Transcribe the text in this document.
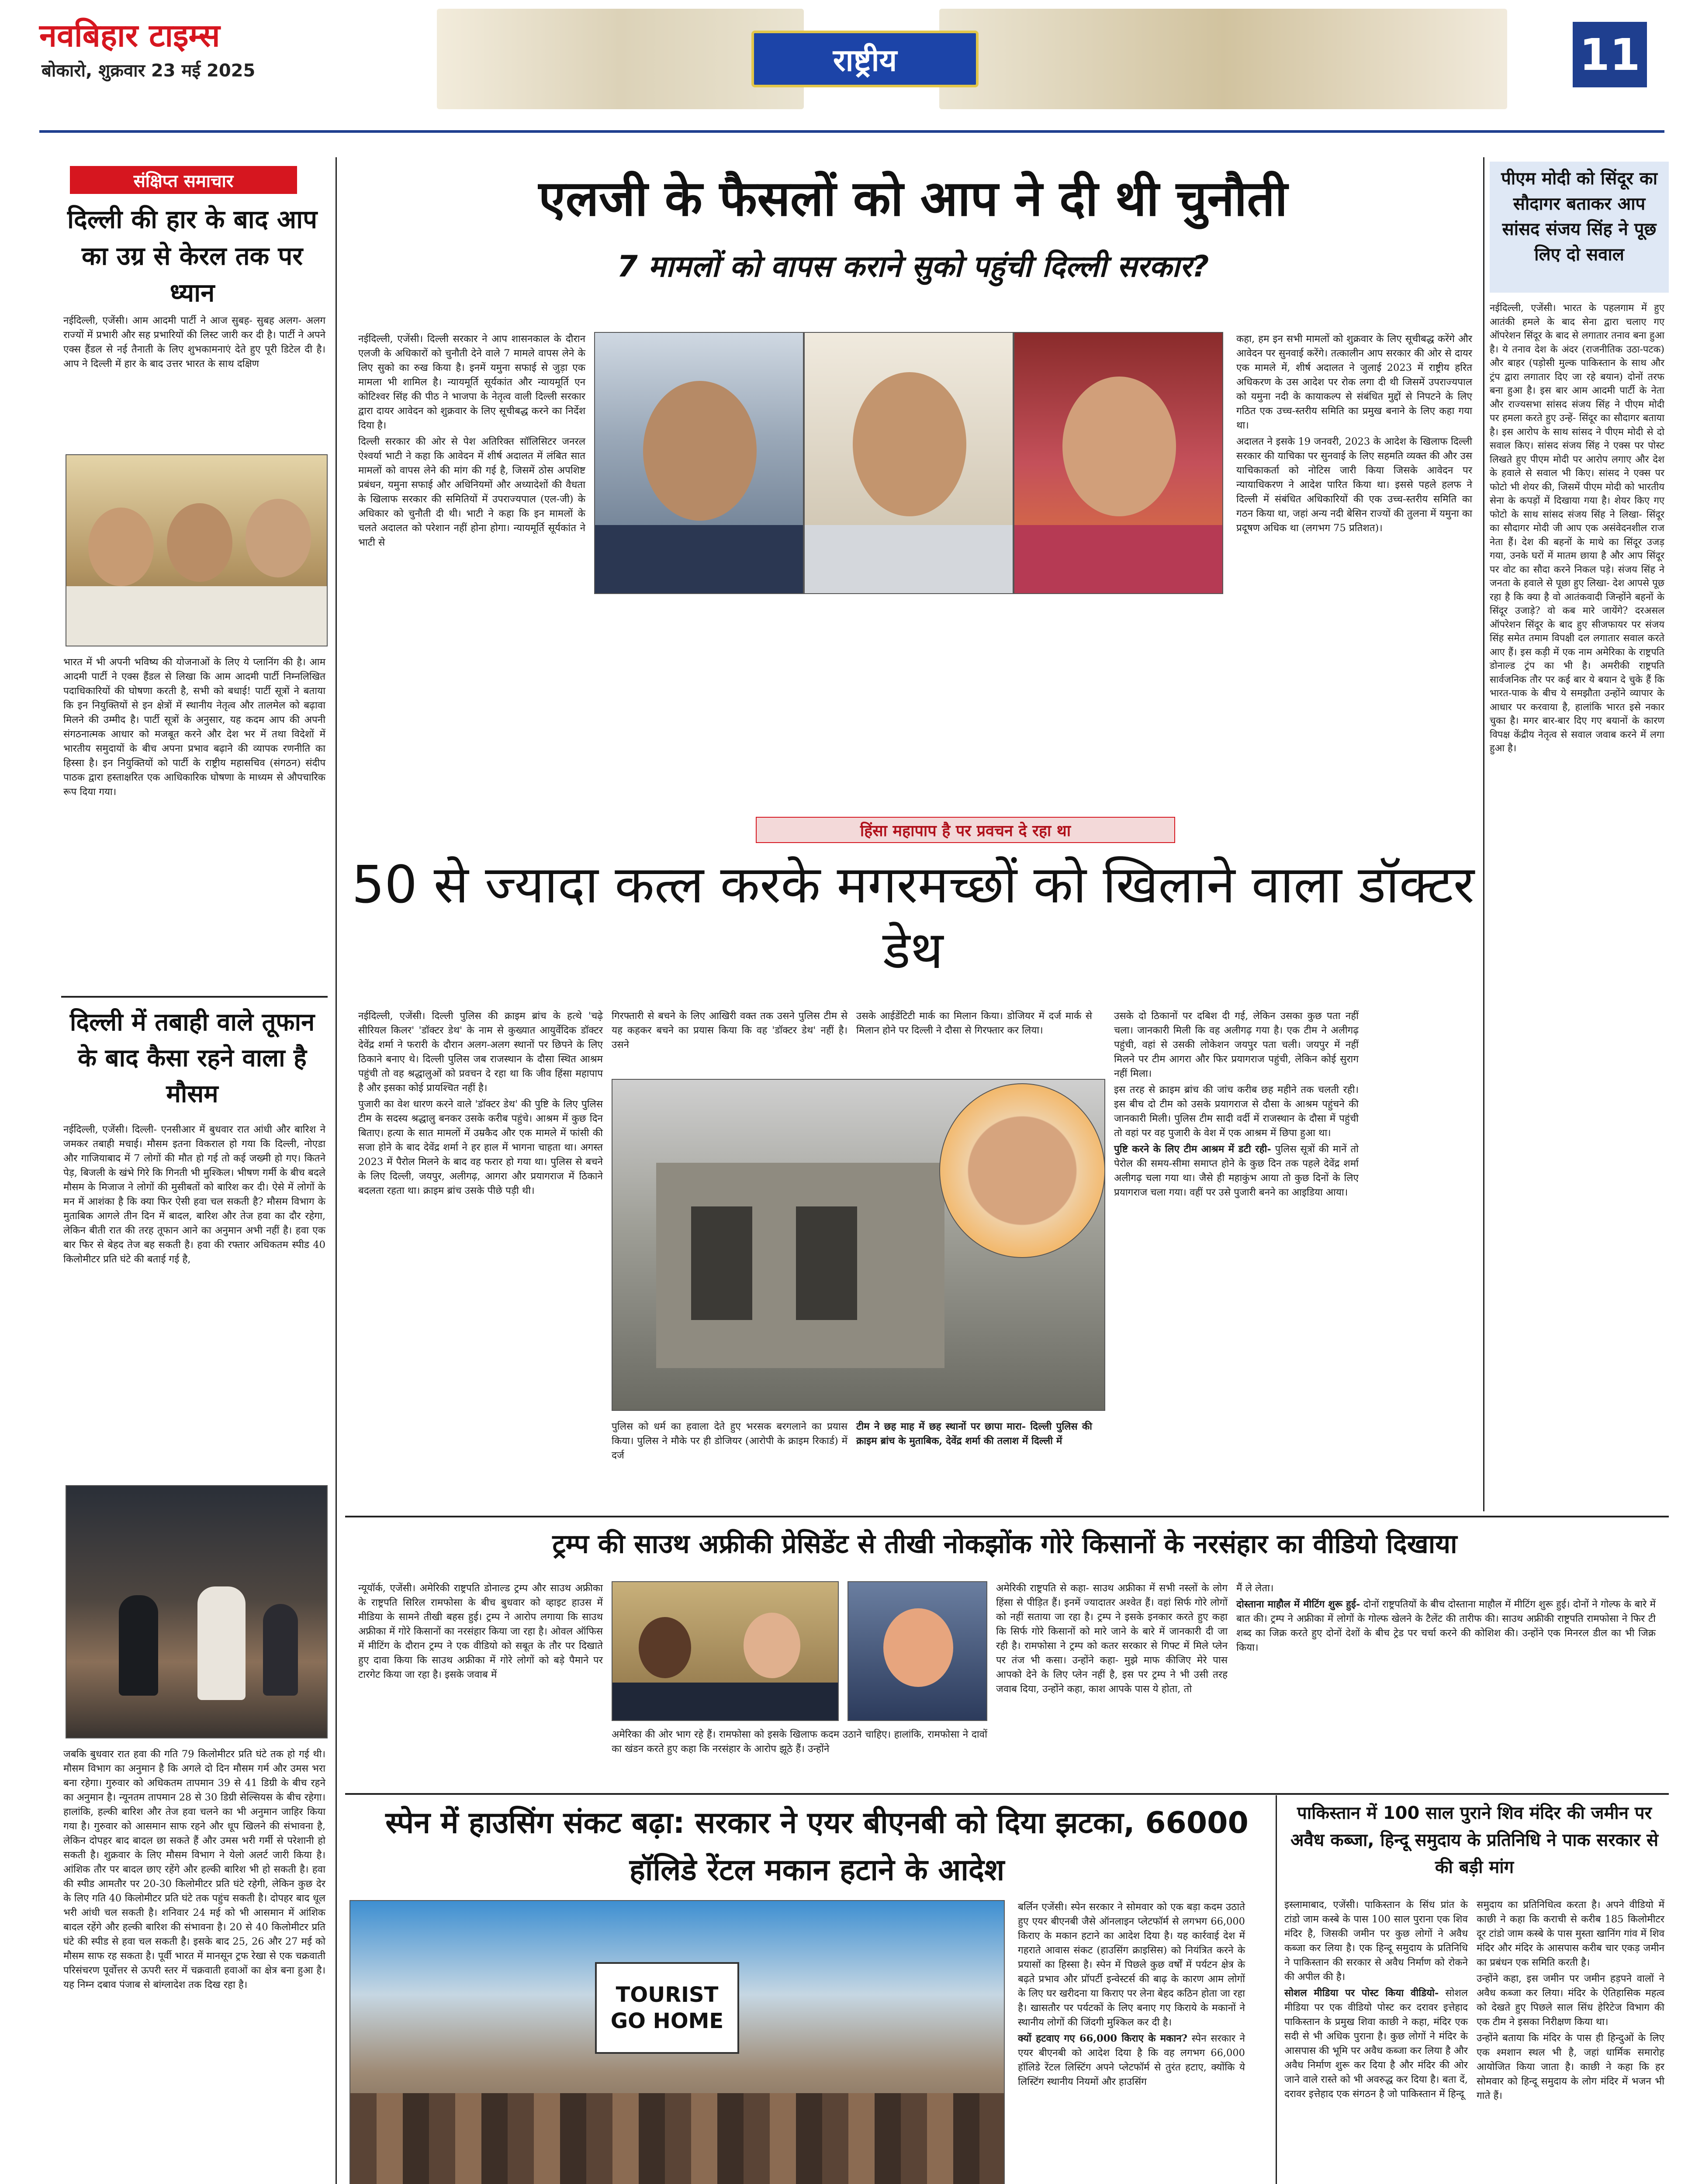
नवबिहार टाइम्स
बोकारो, शुक्रवार 23 मई 2025	राष्ट्रीय	11
संक्षिप्त समाचार
दिल्ली की हार के बाद आप का उग्र से केरल तक पर ध्यान
नईदिल्ली, एजेंसी। आम आदमी पार्टी ने आज सुबह- सुबह अलग- अलग राज्यों में प्रभारी और सह प्रभारियों की लिस्ट जारी कर दी है। पार्टी ने अपने एक्स हैंडल से नई तैनाती के लिए शुभकामनाएं देते हुए पूरी डिटेल दी है। आप ने दिल्ली में हार के बाद उत्तर भारत के साथ दक्षिण
भारत में भी अपनी भविष्य की योजनाओं के लिए ये प्लानिंग की है। आम आदमी पार्टी ने एक्स हैंडल से लिखा कि आम आदमी पार्टी निम्नलिखित पदाधिकारियों की घोषणा करती है, सभी को बधाई! पार्टी सूत्रों ने बताया कि इन नियुक्तियों से इन क्षेत्रों में स्थानीय नेतृत्व और तालमेल को बढ़ावा मिलने की उम्मीद है। पार्टी सूत्रों के अनुसार, यह कदम आप की अपनी संगठनात्मक आधार को मजबूत करने और देश भर में तथा विदेशों में भारतीय समुदायों के बीच अपना प्रभाव बढ़ाने की व्यापक रणनीति का हिस्सा है। इन नियुक्तियों को पार्टी के राष्ट्रीय महासचिव (संगठन) संदीप पाठक द्वारा हस्ताक्षरित एक आधिकारिक घोषणा के माध्यम से औपचारिक रूप दिया गया।
दिल्ली में तबाही वाले तूफान के बाद कैसा रहने वाला है मौसम
नईदिल्ली, एजेंसी। दिल्ली- एनसीआर में बुधवार रात आंधी और बारिश ने जमकर तबाही मचाई। मौसम इतना विकराल हो गया कि दिल्ली, नोएडा और गाजियाबाद में 7 लोगों की मौत हो गई तो कई जख्मी हो गए। कितने पेड़, बिजली के खंभे गिरे कि गिनती भी मुश्किल। भीषण गर्मी के बीच बदले मौसम के मिजाज ने लोगों की मुसीबतों को बारिश कर दी। ऐसे में लोगों के मन में आशंका है कि क्या फिर ऐसी हवा चल सकती है? मौसम विभाग के मुताबिक आगले तीन दिन में बादल, बारिश और तेज हवा का दौर रहेगा, लेकिन बीती रात की तरह तूफान आने का अनुमान अभी नहीं है। हवा एक बार फिर से बेहद तेज बह सकती है। हवा की रफ्तार अधिकतम स्पीड 40 किलोमीटर प्रति घंटे की बताई गई है,
जबकि बुधवार रात हवा की गति 79 किलोमीटर प्रति घंटे तक हो गई थी। मौसम विभाग का अनुमान है कि अगले दो दिन मौसम गर्म और उमस भरा बना रहेगा। गुरुवार को अधिकतम तापमान 39 से 41 डिग्री के बीच रहने का अनुमान है। न्यूनतम तापमान 28 से 30 डिग्री सेल्सियस के बीच रहेगा। हालांकि, हल्की बारिश और तेज हवा चलने का भी अनुमान जाहिर किया गया है। गुरुवार को आसमान साफ रहने और धूप खिलने की संभावना है, लेकिन दोपहर बाद बादल छा सकते हैं और उमस भरी गर्मी से परेशानी हो सकती है। शुक्रवार के लिए मौसम विभाग ने येलो अलर्ट जारी किया है। आंशिक तौर पर बादल छाए रहेंगे और हल्की बारिश भी हो सकती है। हवा की स्पीड आमतौर पर 20-30 किलोमीटर प्रति घंटे रहेगी, लेकिन कुछ देर के लिए गति 40 किलोमीटर प्रति घंटे तक पहुंच सकती है। दोपहर बाद धूल भरी आंधी चल सकती है। शनिवार 24 मई को भी आसमान में आंशिक बादल रहेंगे और हल्की बारिश की संभावना है। 20 से 40 किलोमीटर प्रति घंटे की स्पीड से हवा चल सकती है। इसके बाद 25, 26 और 27 मई को मौसम साफ रह सकता है। पूर्वी भारत में मानसून ट्रफ रेखा से एक चक्रवाती परिसंचरण पूर्वोत्तर से ऊपरी स्तर में चक्रवाती हवाओं का क्षेत्र बना हुआ है। यह निम्न दबाव पंजाब से बांग्लादेश तक दिख रहा है।
एलजी के फैसलों को आप ने दी थी चुनौती
7 मामलों को वापस कराने सुको पहुंची दिल्ली सरकार?

नईदिल्ली, एजेंसी। दिल्ली सरकार ने आप शासनकाल के दौरान एलजी के अधिकारों को चुनौती देने वाले 7 मामले वापस लेने के लिए सुको का रुख किया है। इनमें यमुना सफाई से जुड़ा एक मामला भी शामिल है। न्यायमूर्ति सूर्यकांत और न्यायमूर्ति एन कोटिश्वर सिंह की पीठ ने भाजपा के नेतृत्व वाली दिल्ली सरकार द्वारा दायर आवेदन को शुक्रवार के लिए सूचीबद्ध करने का निर्देश दिया है।

दिल्ली सरकार की ओर से पेश अतिरिक्त सॉलिसिटर जनरल ऐश्वर्या भाटी ने कहा कि आवेदन में शीर्ष अदालत में लंबित सात मामलों को वापस लेने की मांग की गई है, जिसमें ठोस अपशिष्ट प्रबंधन, यमुना सफाई और अधिनियमों और अध्यादेशों की वैधता के खिलाफ सरकार की समितियों में उपराज्यपाल (एल-जी) के अधिकार को चुनौती दी थी। भाटी ने कहा कि इन मामलों के चलते अदालत को परेशान नहीं होना होगा। न्यायमूर्ति सूर्यकांत ने भाटी से

कहा, हम इन सभी मामलों को शुक्रवार के लिए सूचीबद्ध करेंगे और आवेदन पर सुनवाई करेंगे। तत्कालीन आप सरकार की ओर से दायर एक मामले में, शीर्ष अदालत ने जुलाई 2023 में राष्ट्रीय हरित अधिकरण के उस आदेश पर रोक लगा दी थी जिसमें उपराज्यपाल को यमुना नदी के कायाकल्प से संबंधित मुद्दों से निपटने के लिए गठित एक उच्च-स्तरीय समिति का प्रमुख बनाने के लिए कहा गया था।

अदालत ने इसके 19 जनवरी, 2023 के आदेश के खिलाफ दिल्ली सरकार की याचिका पर सुनवाई के लिए सहमति व्यक्त की और उस याचिकाकर्ता को नोटिस जारी किया जिसके आवेदन पर न्यायाधिकरण ने आदेश पारित किया था। इससे पहले हलफ ने दिल्ली में संबंधित अधिकारियों की एक उच्च-स्तरीय समिति का गठन किया था, जहां अन्य नदी बेसिन राज्यों की तुलना में यमुना का प्रदूषण अधिक था (लगभग 75 प्रतिशत)।

हिंसा महापाप है पर प्रवचन दे रहा था
50 से ज्यादा कत्ल करके मगरमच्छों को खिलाने वाला डॉक्टर डेथ

नईदिल्ली, एजेंसी। दिल्ली पुलिस की क्राइम ब्रांच के हत्थे 'चढ़े सीरियल किलर' 'डॉक्टर डेथ' के नाम से कुख्यात आयुर्वेदिक डॉक्टर देवेंद्र शर्मा ने फरारी के दौरान अलग-अलग स्थानों पर छिपने के लिए ठिकाने बनाए थे। दिल्ली पुलिस जब राजस्थान के दौसा स्थित आश्रम पहुंची तो वह श्रद्धालुओं को प्रवचन दे रहा था कि जीव हिंसा महापाप है और इसका कोई प्रायश्चित नहीं है।

पुजारी का वेश धारण करने वाले 'डॉक्टर डेथ' की पुष्टि के लिए पुलिस टीम के सदस्य श्रद्धालु बनकर उसके करीब पहुंचे। आश्रम में कुछ दिन बिताए। हत्या के सात मामलों में उम्रकैद और एक मामले में फांसी की सजा होने के बाद देवेंद्र शर्मा ने हर हाल में भागना चाहता था। अगस्त 2023 में पैरोल मिलने के बाद वह फरार हो गया था। पुलिस से बचने के लिए दिल्ली, जयपुर, अलीगढ़, आगरा और प्रयागराज में ठिकाने बदलता रहता था। क्राइम ब्रांच उसके पीछे पड़ी थी।

गिरफ्तारी से बचने के लिए आखिरी वक्त तक उसने पुलिस टीम से यह कहकर बचने का प्रयास किया कि वह 'डॉक्टर डेथ' नहीं है। उसने
उसके आईडेंटिटी मार्क का मिलान किया। डोजियर में दर्ज मार्क से मिलान होने पर दिल्ली ने दौसा से गिरफ्तार कर लिया।
पुलिस को धर्म का हवाला देते हुए भरसक बरगलाने का प्रयास किया। पुलिस ने मौके पर ही डोजियर (आरोपी के क्राइम रिकार्ड) में दर्ज
टीम ने छह माह में छह स्थानों पर छापा मारा- दिल्ली पुलिस की क्राइम ब्रांच के मुताबिक, देवेंद्र शर्मा की तलाश में दिल्ली में

उसके दो ठिकानों पर दबिश दी गई, लेकिन उसका कुछ पता नहीं चला। जानकारी मिली कि वह अलीगढ़ गया है। एक टीम ने अलीगढ़ पहुंची, वहां से उसकी लोकेशन जयपुर पता चली। जयपुर में नहीं मिलने पर टीम आगरा और फिर प्रयागराज पहुंची, लेकिन कोई सुराग नहीं मिला।

इस तरह से क्राइम ब्रांच की जांच करीब छह महीने तक चलती रही। इस बीच दो टीम को उसके प्रयागराज से दौसा के आश्रम पहुंचने की जानकारी मिली। पुलिस टीम सादी वर्दी में राजस्थान के दौसा में पहुंची तो वहां पर वह पुजारी के वेश में एक आश्रम में छिपा हुआ था।

पुष्टि करने के लिए टीम आश्रम में डटी रही- पुलिस सूत्रों की मानें तो पेरोल की समय-सीमा समाप्त होने के कुछ दिन तक पहले देवेंद्र शर्मा अलीगढ़ चला गया था। जैसे ही महाकुंभ आया तो कुछ दिनों के लिए प्रयागराज चला गया। वहीं पर उसे पुजारी बनने का आइडिया आया।

पीएम मोदी को सिंदूर का सौदागर बताकर आप सांसद संजय सिंह ने पूछ लिए दो सवाल
नईदिल्ली, एजेंसी। भारत के पहलगाम में हुए आतंकी हमले के बाद सेना द्वारा चलाए गए ऑपरेशन सिंदूर के बाद से लगातार तनाव बना हुआ है। ये तनाव देश के अंदर (राजनीतिक उठा-पटक) और बाहर (पड़ोसी मुल्क पाकिस्तान के साथ और ट्रंप द्वारा लगातार दिए जा रहे बयान) दोनों तरफ बना हुआ है। इस बार आम आदमी पार्टी के नेता और राज्यसभा सांसद संजय सिंह ने पीएम मोदी पर हमला करते हुए उन्हें- सिंदूर का सौदागर बताया है। इस आरोप के साथ सांसद ने पीएम मोदी से दो सवाल किए। सांसद संजय सिंह ने एक्स पर पोस्ट लिखते हुए पीएम मोदी पर आरोप लगाए और देश के हवाले से सवाल भी किए। सांसद ने एक्स पर फोटो भी शेयर की, जिसमें पीएम मोदी को भारतीय सेना के कपड़ों में दिखाया गया है। शेयर किए गए फोटो के साथ सांसद संजय सिंह ने लिखा- सिंदूर का सौदागर मोदी जी आप एक असंवेदनशील राज नेता हैं। देश की बहनों के माथे का सिंदूर उजड़ गया, उनके घरों में मातम छाया है और आप सिंदूर पर वोट का सौदा करने निकल पड़े। संजय सिंह ने जनता के हवाले से पूछा हुए लिखा- देश आपसे पूछ रहा है कि क्या है वो आतंकवादी जिन्होंने बहनों के सिंदूर उजाड़े? वो कब मारे जायेंगे? दरअसल ऑपरेशन सिंदूर के बाद हुए सीजफायर पर संजय सिंह समेत तमाम विपक्षी दल लगातार सवाल करते आए हैं। इस कड़ी में एक नाम अमेरिका के राष्ट्रपति डोनाल्ड ट्रंप का भी है। अमरीकी राष्ट्रपति सार्वजनिक तौर पर कई बार ये बयान दे चुके हैं कि भारत-पाक के बीच ये समझौता उन्होंने व्यापार के आधार पर करवाया है, हालांकि भारत इसे नकार चुका है। मगर बार-बार दिए गए बयानों के कारण विपक्ष केंद्रीय नेतृत्व से सवाल जवाब करने में लगा हुआ है।
ट्रम्प की साउथ अफ्रीकी प्रेसिडेंट से तीखी नोकझोंक गोरे किसानों के नरसंहार का वीडियो दिखाया
न्यूयॉर्क, एजेंसी। अमेरिकी राष्ट्रपति डोनाल्ड ट्रम्प और साउथ अफ्रीका के राष्ट्रपति सिरिल रामफोसा के बीच बुधवार को व्हाइट हाउस में मीडिया के सामने तीखी बहस हुई। ट्रम्प ने आरोप लगाया कि साउथ अफ्रीका में गोरे किसानों का नरसंहार किया जा रहा है। ओवल ऑफिस में मीटिंग के दौरान ट्रम्प ने एक वीडियो को सबूत के तौर पर दिखाते हुए दावा किया कि साउथ अफ्रीका में गोरे लोगों को बड़े पैमाने पर टारगेट किया जा रहा है। इसके जवाब में
अमेरिका की ओर भाग रहे हैं। रामफोसा को इसके खिलाफ कदम उठाने चाहिए। हालांकि, रामफोसा ने दावों का खंडन करते हुए कहा कि नरसंहार के आरोप झूठे हैं। उन्होंने
अमेरिकी राष्ट्रपति से कहा- साउथ अफ्रीका में सभी नस्लों के लोग हिंसा से पीड़ित हैं। इनमें ज्यादातर अश्वेत हैं। वहां सिर्फ गोरे लोगों को नहीं सताया जा रहा है। ट्रम्प ने इसके इनकार करते हुए कहा कि सिर्फ गोरे किसानों को मारे जाने के बारे में जानकारी दी जा रही है। रामफोसा ने ट्रम्प को कतर सरकार से गिफ्ट में मिले प्लेन पर तंज भी कसा। उन्होंने कहा- मुझे माफ कीजिए मेरे पास आपको देने के लिए प्लेन नहीं है, इस पर ट्रम्प ने भी उसी तरह जवाब दिया, उन्होंने कहा, काश आपके पास ये होता, तो

मैं ले लेता।

दोस्ताना माहौल में मीटिंग शुरू हुई- दोनों राष्ट्रपतियों के बीच दोस्ताना माहौल में मीटिंग शुरू हुई। दोनों ने गोल्फ के बारे में बात की। ट्रम्प ने अफ्रीका में लोगों के गोल्फ खेलने के टैलेंट की तारीफ की। साउथ अफ्रीकी राष्ट्रपति रामफोसा ने फिर टी शब्द का जिक्र करते हुए दोनों देशों के बीच ट्रेड पर चर्चा करने की कोशिश की। उन्होंने एक मिनरल डील का भी जिक्र किया।

स्पेन में हाउसिंग संकट बढ़ा: सरकार ने एयर बीएनबी को दिया झटका, 66000 हॉलिडे रेंटल मकान हटाने के आदेश

बर्लिन एजेंसी। स्पेन सरकार ने सोमवार को एक बड़ा कदम उठाते हुए एयर बीएनबी जैसे ऑनलाइन प्लेटफॉर्म से लगभग 66,000 किराए के मकान हटाने का आदेश दिया है। यह कार्रवाई देश में गहराते आवास संकट (हाउसिंग क्राइसिस) को नियंत्रित करने के प्रयासों का हिस्सा है। स्पेन में पिछले कुछ वर्षों में पर्यटन क्षेत्र के बढ़ते प्रभाव और प्रॉपर्टी इन्वेस्टर्स की बाढ़ के कारण आम लोगों के लिए घर खरीदना या किराए पर लेना बेहद कठिन होता जा रहा है। खासतौर पर पर्यटकों के लिए बनाए गए किराये के मकानों ने स्थानीय लोगों की जिंदगी मुश्किल कर दी है।

क्यों हटवाए गए 66,000 किराए के मकान? स्पेन सरकार ने एयर बीएनबी को आदेश दिया है कि वह लगभग 66,000 हॉलिडे रेंटल लिस्टिंग अपने प्लेटफॉर्म से तुरंत हटाए, क्योंकि ये लिस्टिंग स्थानीय नियमों और हाउसिंग

TOURIST GO HOME

पाकिस्तान में 100 साल पुराने शिव मंदिर की जमीन पर अवैध कब्जा, हिन्दू समुदाय के प्रतिनिधि ने पाक सरकार से की बड़ी मांग

इस्लामाबाद, एजेंसी। पाकिस्तान के सिंध प्रांत के टांडो जाम कस्बे के पास 100 साल पुराना एक शिव मंदिर है, जिसकी जमीन पर कुछ लोगों ने अवैध कब्जा कर लिया है। एक हिन्दू समुदाय के प्रतिनिधि ने पाकिस्तान की सरकार से अवैध निर्माण को रोकने की अपील की है।

सोशल मीडिया पर पोस्ट किया वीडियो- सोशल मीडिया पर एक वीडियो पोस्ट कर दरावर इत्तेहाद पाकिस्तान के प्रमुख शिवा काछी ने कहा, मंदिर एक सदी से भी अधिक पुराना है। कुछ लोगों ने मंदिर के आसपास की भूमि पर अवैध कब्जा कर लिया है और अवैध निर्माण शुरू कर दिया है और मंदिर की ओर जाने वाले रास्ते को भी अवरुद्ध कर दिया है। बता दें, दरावर इत्तेहाद एक संगठन है जो पाकिस्तान में हिन्दू

समुदाय का प्रतिनिधित्व करता है। अपने वीडियो में काछी ने कहा कि कराची से करीब 185 किलोमीटर दूर टांडो जाम कस्बे के पास मुस्ता खानिंग गांव में शिव मंदिर और मंदिर के आसपास करीब चार एकड़ जमीन का प्रबंधन एक समिति करती है।

उन्होंने कहा, इस जमीन पर जमीन हड़पने वालों ने अवैध कब्जा कर लिया। मंदिर के ऐतिहासिक महत्व को देखते हुए पिछले साल सिंध हेरिटेज विभाग की एक टीम ने इसका निरीक्षण किया था।

उन्होंने बताया कि मंदिर के पास ही हिन्दुओं के लिए एक श्मशान स्थल भी है, जहां धार्मिक समारोह आयोजित किया जाता है। काछी ने कहा कि हर सोमवार को हिन्दू समुदाय के लोग मंदिर में भजन भी गाते हैं।
